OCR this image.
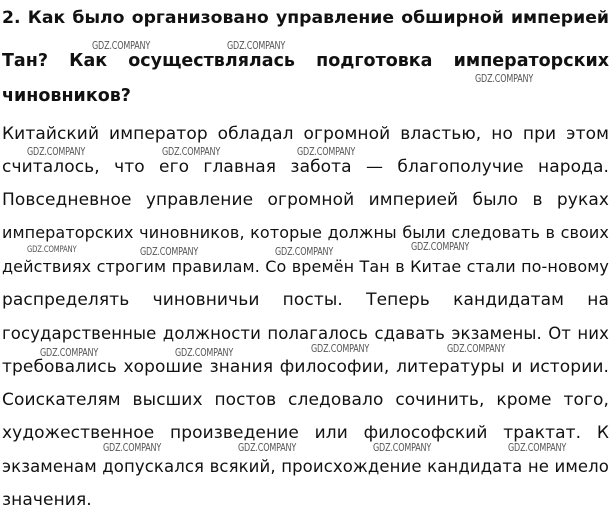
2. Как было организовано управление обширной империей
Тан? Как осуществлялась подготовка императорских
чиновников?
Китайский император обладал огромной властью, но при этом
считалось, что его главная забота — благополучие народа.
Повседневное управление огромной империей было в руках
императорских чиновников, которые должны были следовать в своих
действиях строгим правилам. Со времён Тан в Китае стали по-новому
распределять чиновничьи посты. Теперь кандидатам на
государственные должности полагалось сдавать экзамены. От них
требовались хорошие знания философии, литературы и истории.
Соискателям высших постов следовало сочинить, кроме того,
художественное произведение или философский трактат. К
экзаменам допускался всякий, происхождение кандидата не имело
значения.
GDZ.COMPANY	GDZ.COMPANY
GDZ.COMPANY
GDZ.COMPANY	GDZ.COMPANY	GDZ.COMPANY
GDZ.COMPANY	GDZ.COMPANY	GDZ.COMPANY	GDZ.COMPANY
GDZ.COMPANY	GDZ.COMPANY	GDZ.COMPANY	GDZ.COMPANY
GDZ.COMPANY	GDZ.COMPANY	GDZ.COMPANY	GDZ.COMPANY
